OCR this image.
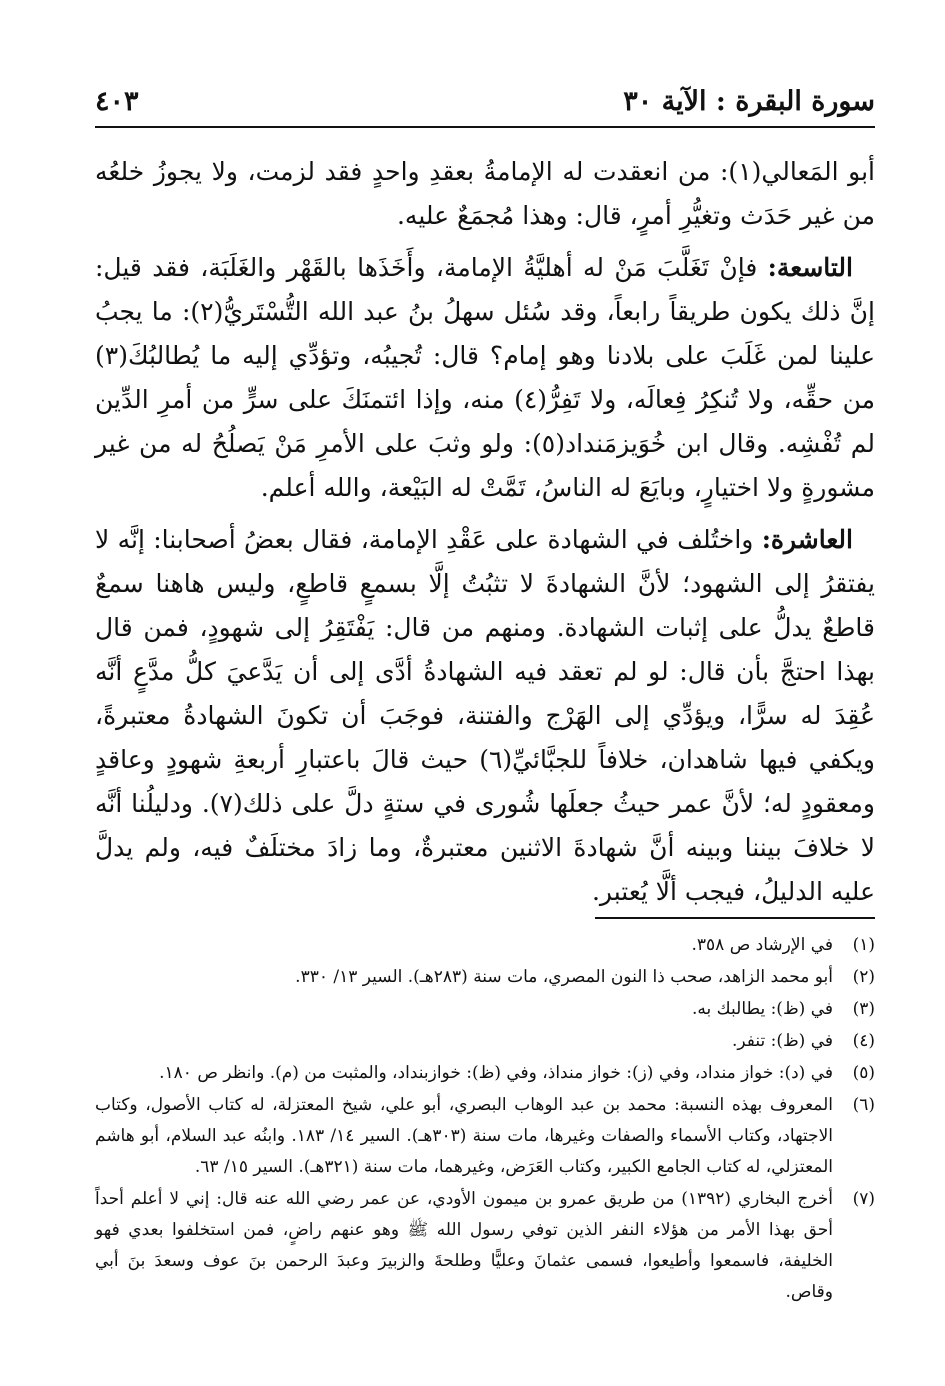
سورة البقرة : الآية ٣٠
٤٠٣

أبو المَعالي(١): من انعقدت له الإمامةُ بعقدِ واحدٍ فقد لزمت، ولا يجوزُ خلعُه من غير حَدَث وتغيُّرِ أمرٍ، قال: وهذا مُجمَعٌ عليه.

التاسعة: فإنْ تَغَلَّبَ مَنْ له أهليَّةُ الإمامة، وأَخَذَها بالقَهْر والغَلَبَة، فقد قيل: إنَّ ذلك يكون طريقاً رابعاً، وقد سُئل سهلُ بنُ عبد الله التُّسْتَريُّ(٢): ما يجبُ علينا لمن غَلَبَ على بلادنا وهو إمام؟ قال: تُجيبُه، وتؤدِّي إليه ما يُطالبُكَ(٣) من حقِّه، ولا تُنكِرُ فِعالَه، ولا تَفِرُّ(٤) منه، وإذا ائتمنَكَ على سرٍّ من أمرِ الدِّين لم تُفْشِه. وقال ابن خُوَيزمَنداد(٥): ولو وثبَ على الأمرِ مَنْ يَصلُحُ له من غير مشورةٍ ولا اختيارٍ، وبايَعَ له الناسُ، تَمَّتْ له البَيْعة، والله أعلم.

العاشرة: واختُلف في الشهادة على عَقْدِ الإمامة، فقال بعضُ أصحابنا: إنَّه لا يفتقرُ إلى الشهود؛ لأنَّ الشهادةَ لا تثبُتُ إلَّا بسمعٍ قاطعٍ، وليس هاهنا سمعٌ قاطعٌ يدلُّ على إثبات الشهادة. ومنهم من قال: يَفْتَقِرُ إلى شهودٍ، فمن قال بهذا احتجَّ بأن قال: لو لم تعقد فيه الشهادةُ أدَّى إلى أن يَدَّعيَ كلُّ مدَّعٍ أنَّه عُقِدَ له سرًّا، ويؤدِّي إلى الهَرْج والفتنة، فوجَبَ أن تكونَ الشهادةُ معتبرةً، ويكفي فيها شاهدان، خلافاً للجبَّائيِّ(٦) حيث قالَ باعتبارِ أربعةِ شهودٍ وعاقدٍ ومعقودٍ له؛ لأنَّ عمر حيثُ جعلَها شُورى في ستةٍ دلَّ على ذلك(٧). ودليلُنا أنَّه لا خلافَ بيننا وبينه أنَّ شهادةَ الاثنين معتبرةٌ، وما زادَ مختلَفٌ فيه، ولم يدلَّ عليه الدليلُ، فيجب ألَّا يُعتبر.

(١)
في الإرشاد ص ٣٥٨.
(٢)
أبو محمد الزاهد، صحب ذا النون المصري، مات سنة (٢٨٣هـ). السير ١٣/ ٣٣٠.
(٣)
في (ظ): يطالبك به.
(٤)
في (ظ): تنفر.
(٥)
في (د): خواز منداد، وفي (ز): خواز منداذ، وفي (ظ): خوازبنداد، والمثبت من (م). وانظر ص ١٨٠.
(٦)
المعروف بهذه النسبة: محمد بن عبد الوهاب البصري، أبو علي، شيخ المعتزلة، له كتاب الأصول، وكتاب الاجتهاد، وكتاب الأسماء والصفات وغيرها، مات سنة (٣٠٣هـ). السير ١٤/ ١٨٣. وابنُه عبد السلام، أبو هاشم المعتزلي، له كتاب الجامع الكبير، وكتاب العَرَض، وغيرهما، مات سنة (٣٢١هـ). السير ١٥/ ٦٣.
(٧)
أخرج البخاري (١٣٩٢) من طريق عمرو بن ميمون الأودي، عن عمر رضي الله عنه قال: إني لا أعلم أحداً أحق بهذا الأمر من هؤلاء النفر الذين توفي رسول الله ﷺ وهو عنهم راضٍ، فمن استخلفوا بعدي فهو الخليفة، فاسمعوا وأطيعوا، فسمى عثمانَ وعليًّا وطلحةَ والزبيرَ وعبدَ الرحمن بنَ عوف وسعدَ بنَ أبي وقاص.
